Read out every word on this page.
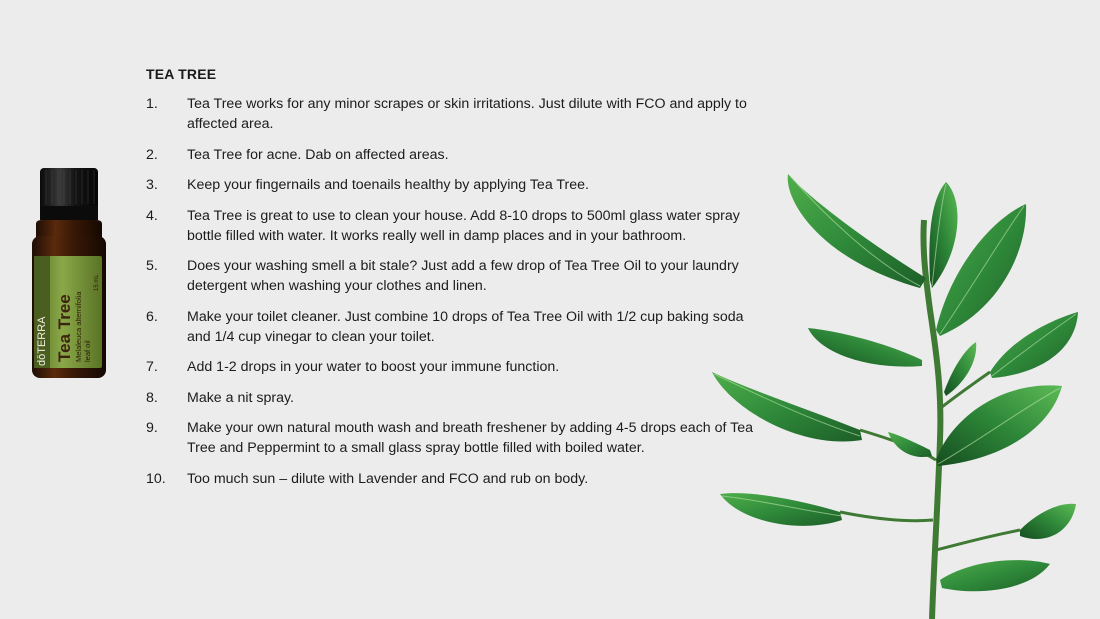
TEA TREE
1.	Tea Tree works for any minor scrapes or skin irritations. Just dilute with FCO and apply to affected area.
2.	Tea Tree for acne. Dab on affected areas.
3.	Keep your fingernails and toenails healthy by applying Tea Tree.
4.	Tea Tree is great to use to clean your house. Add 8-10 drops to 500ml glass water spray bottle filled with water. It works really well in damp places and in your bathroom.
5.	Does your washing smell a bit stale? Just add a few drop of Tea Tree Oil to your laundry detergent when washing your clothes and linen.
6.	Make your toilet cleaner. Just combine 10 drops of Tea Tree Oil with 1/2 cup baking soda and 1/4 cup vinegar to clean your toilet.
7.	Add 1-2 drops in your water to boost your immune function.
8.	Make a nit spray.
9.	Make your own natural mouth wash and breath freshener by adding 4-5 drops each of Tea Tree and Peppermint to a small glass spray bottle filled with boiled water.
10.	Too much sun – dilute with Lavender and FCO and rub on body.
dōTERRA Tea Tree Melaleuca alternifolia leaf oil
15 mL
